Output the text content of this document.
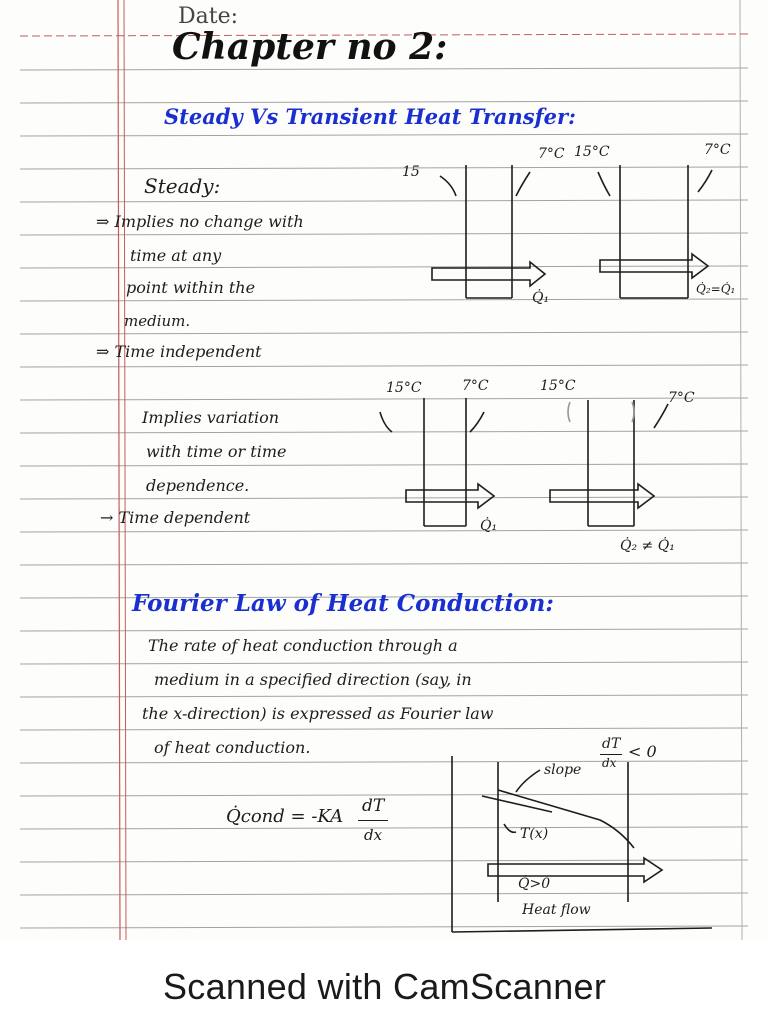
Date:
Chapter no 2:
Steady Vs Transient Heat Transfer:
Steady:
⇒ Implies no change with
time at any
point within the
medium.
⇒ Time independent
Implies variation
with time or time
dependence.
→ Time dependent
15
7°C
Q̇₁
15°C	7°C
Q̇₂=Q̇₁
15°C	7°C
Q̇₁
15°C
7°C
Q̇₂ ≠ Q̇₁
Fourier Law of Heat Conduction:
The rate of heat conduction through a
medium in a specified direction (say, in
the x-direction) is expressed as Fourier law
of heat conduction.
Q̇cond = -KA dT
dx
dT
dx
< 0
slope
T(x)
Q̇>0
Heat flow
Scanned with CamScanner
